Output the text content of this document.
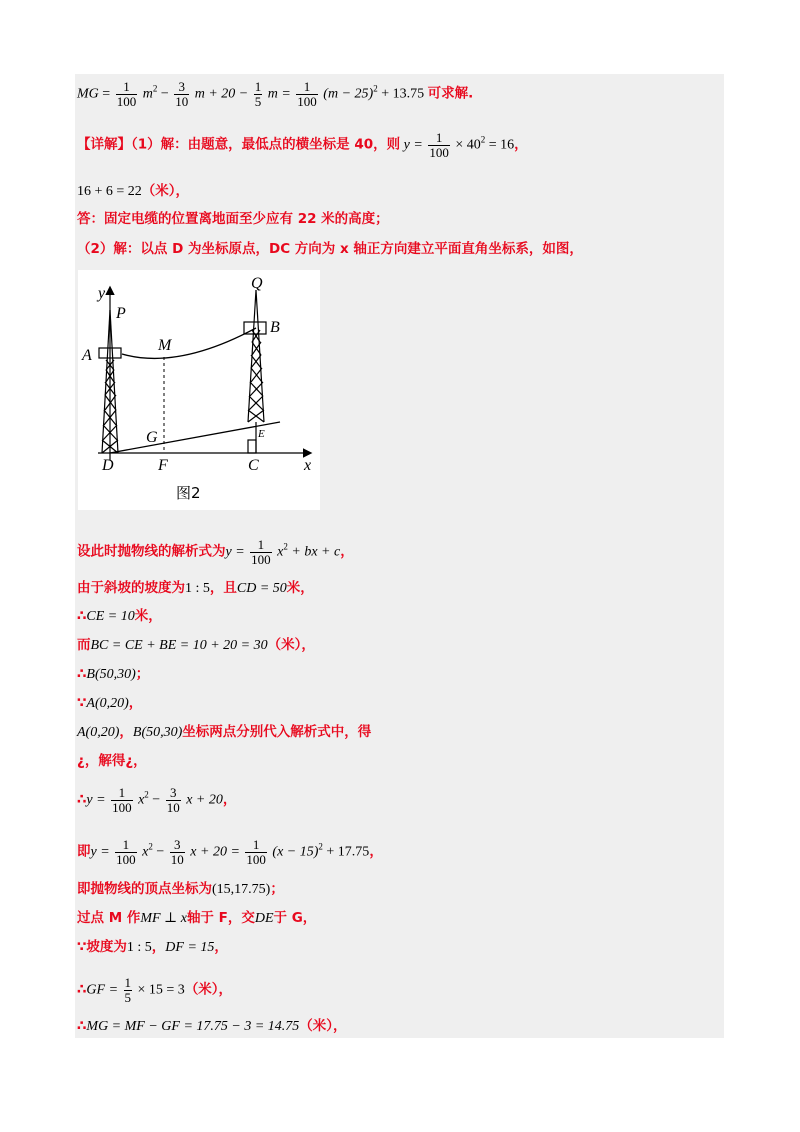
MG = $\frac{1}{100} m^2 - \frac{3}{10}$ $m + 20 - \frac{1}{5}$ $m = \frac{1}{100} (m - 25)^2 + 13.75$ 可求解.
【详解】（1）解：由题意，最低点的横坐标是 40，则 $y = \frac{1}{100} \times 40^2 = 16$，
16 + 6 = 22（米），
答：固定电缆的位置离地面至少应有 22 米的高度；
（2）解：以点 D 为坐标原点，DC 方向为 x 轴正方向建立平面直角坐标系，如图，
y
P
Q
B
A
M
G	E
D	F	C	x
图2
设此时抛物线的解析式为$y = \frac{1}{100} x^2$ + bx + c，
由于斜坡的坡度为1 : 5，且CD = 50米，
∴CE = 10米，
而BC = CE + BE = 10 + 20 = 30（米），
∴B(50,30)；
∵A(0,20)，
A(0,20)，B(50,30)坐标两点分别代入解析式中，得
¿，解得¿，
∴y = $\frac{1}{100} x^2 - \frac{3}{10}$ x + 20，
即$y = \frac{1}{100} x^2 - \frac{3}{10}$ $x + 20 = \frac{1}{100} (x - 15)^2 + 17.75$，
即抛物线的顶点坐标为(15,17.75)；
过点 M 作MF ⊥ x轴于 F，交DE于 G，
∵坡度为1 : 5，DF = 15，
∴GF = $\frac{1}{5} \times 15 = 3$（米），
∴MG = MF − GF = 17.75 − 3 = 14.75（米），
